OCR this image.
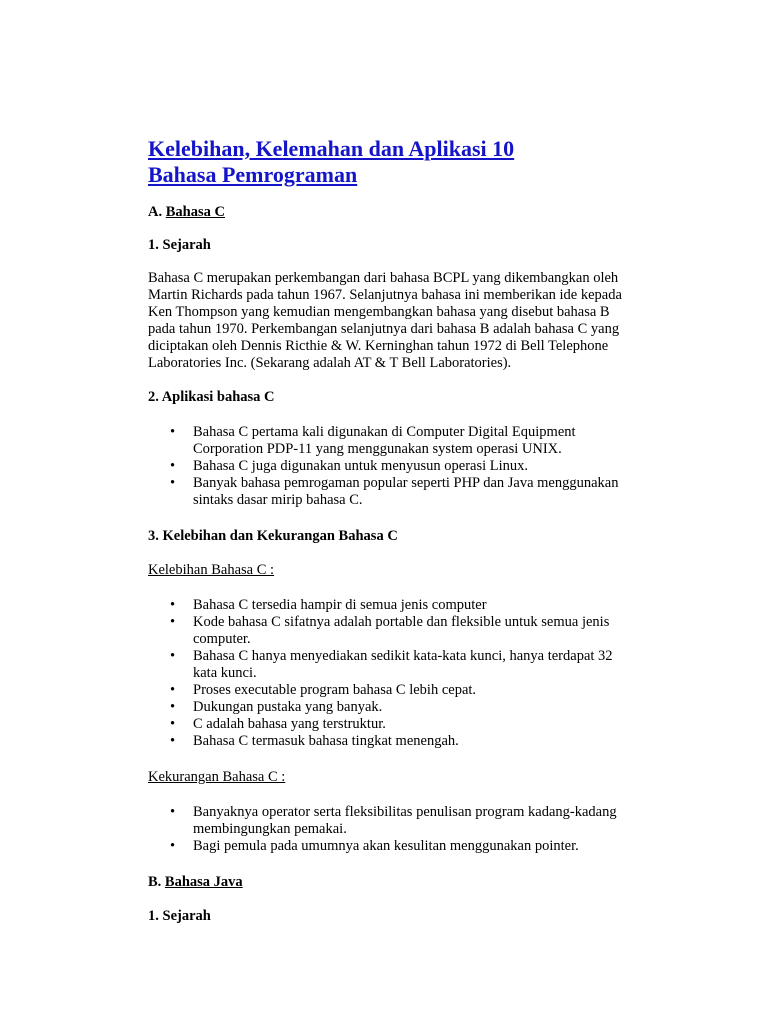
Kelebihan, Kelemahan dan Aplikasi 10
Bahasa Pemrograman

A. Bahasa C

1. Sejarah

Bahasa C merupakan perkembangan dari bahasa BCPL yang dikembangkan oleh
Martin Richards pada tahun 1967. Selanjutnya bahasa ini memberikan ide kepada
Ken Thompson yang kemudian mengembangkan bahasa yang disebut bahasa B
pada tahun 1970. Perkembangan selanjutnya dari bahasa B adalah bahasa C yang
diciptakan oleh Dennis Ricthie & W. Kerninghan tahun 1972 di Bell Telephone
Laboratories Inc. (Sekarang adalah AT & T Bell Laboratories).

2. Aplikasi bahasa C

• Bahasa C pertama kali digunakan di Computer Digital Equipment
Corporation PDP-11 yang menggunakan system operasi UNIX.
• Bahasa C juga digunakan untuk menyusun operasi Linux.
• Banyak bahasa pemrogaman popular seperti PHP dan Java menggunakan
sintaks dasar mirip bahasa C.

3. Kelebihan dan Kekurangan Bahasa C

Kelebihan Bahasa C :

• Bahasa C tersedia hampir di semua jenis computer
• Kode bahasa C sifatnya adalah portable dan fleksible untuk semua jenis
computer.
• Bahasa C hanya menyediakan sedikit kata-kata kunci, hanya terdapat 32
kata kunci.
• Proses executable program bahasa C lebih cepat.
• Dukungan pustaka yang banyak.
• C adalah bahasa yang terstruktur.
• Bahasa C termasuk bahasa tingkat menengah.

Kekurangan Bahasa C :

• Banyaknya operator serta fleksibilitas penulisan program kadang-kadang
membingungkan pemakai.
• Bagi pemula pada umumnya akan kesulitan menggunakan pointer.

B. Bahasa Java

1. Sejarah
